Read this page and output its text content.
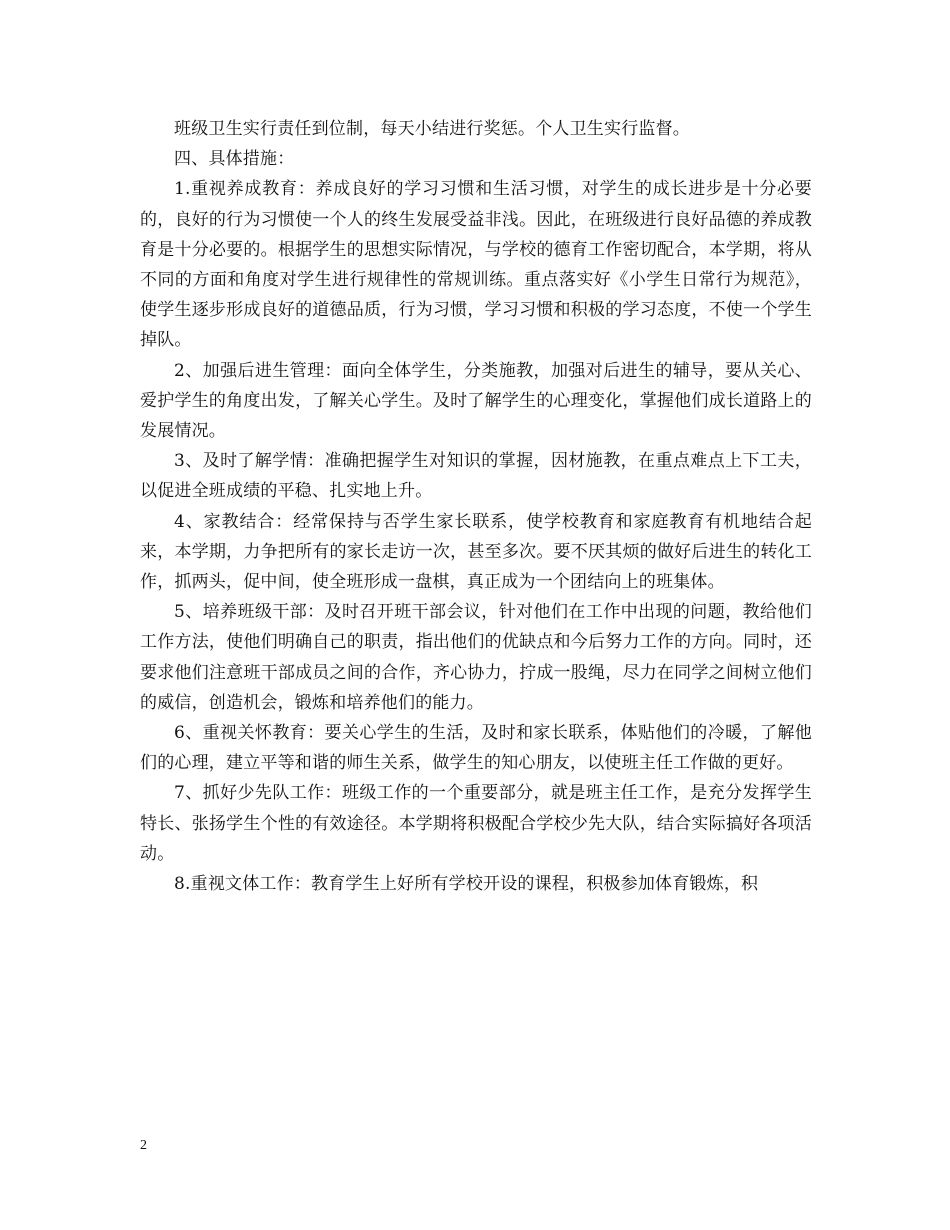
班级卫生实行责任到位制，每天小结进行奖惩。个人卫生实行监督。

四、具体措施：

1.重视养成教育：养成良好的学习习惯和生活习惯，对学生的成长进步是十分必要的，良好的行为习惯使一个人的终生发展受益非浅。因此，在班级进行良好品德的养成教育是十分必要的。根据学生的思想实际情况，与学校的德育工作密切配合，本学期，将从不同的方面和角度对学生进行规律性的常规训练。重点落实好《小学生日常行为规范》，使学生逐步形成良好的道德品质，行为习惯，学习习惯和积极的学习态度，不使一个学生掉队。

2、加强后进生管理：面向全体学生，分类施教，加强对后进生的辅导，要从关心、爱护学生的角度出发，了解关心学生。及时了解学生的心理变化，掌握他们成长道路上的发展情况。

3、及时了解学情：准确把握学生对知识的掌握，因材施教，在重点难点上下工夫，以促进全班成绩的平稳、扎实地上升。

4、家教结合：经常保持与否学生家长联系，使学校教育和家庭教育有机地结合起来，本学期，力争把所有的家长走访一次，甚至多次。要不厌其烦的做好后进生的转化工作，抓两头，促中间，使全班形成一盘棋，真正成为一个团结向上的班集体。

5、培养班级干部：及时召开班干部会议，针对他们在工作中出现的问题，教给他们工作方法，使他们明确自己的职责，指出他们的优缺点和今后努力工作的方向。同时，还要求他们注意班干部成员之间的合作，齐心协力，拧成一股绳，尽力在同学之间树立他们的威信，创造机会，锻炼和培养他们的能力。

6、重视关怀教育：要关心学生的生活，及时和家长联系，体贴他们的冷暖，了解他们的心理，建立平等和谐的师生关系，做学生的知心朋友，以使班主任工作做的更好。

7、抓好少先队工作：班级工作的一个重要部分，就是班主任工作，是充分发挥学生特长、张扬学生个性的有效途径。本学期将积极配合学校少先大队，结合实际搞好各项活动。

8.重视文体工作：教育学生上好所有学校开设的课程，积极参加体育锻炼，积

2
